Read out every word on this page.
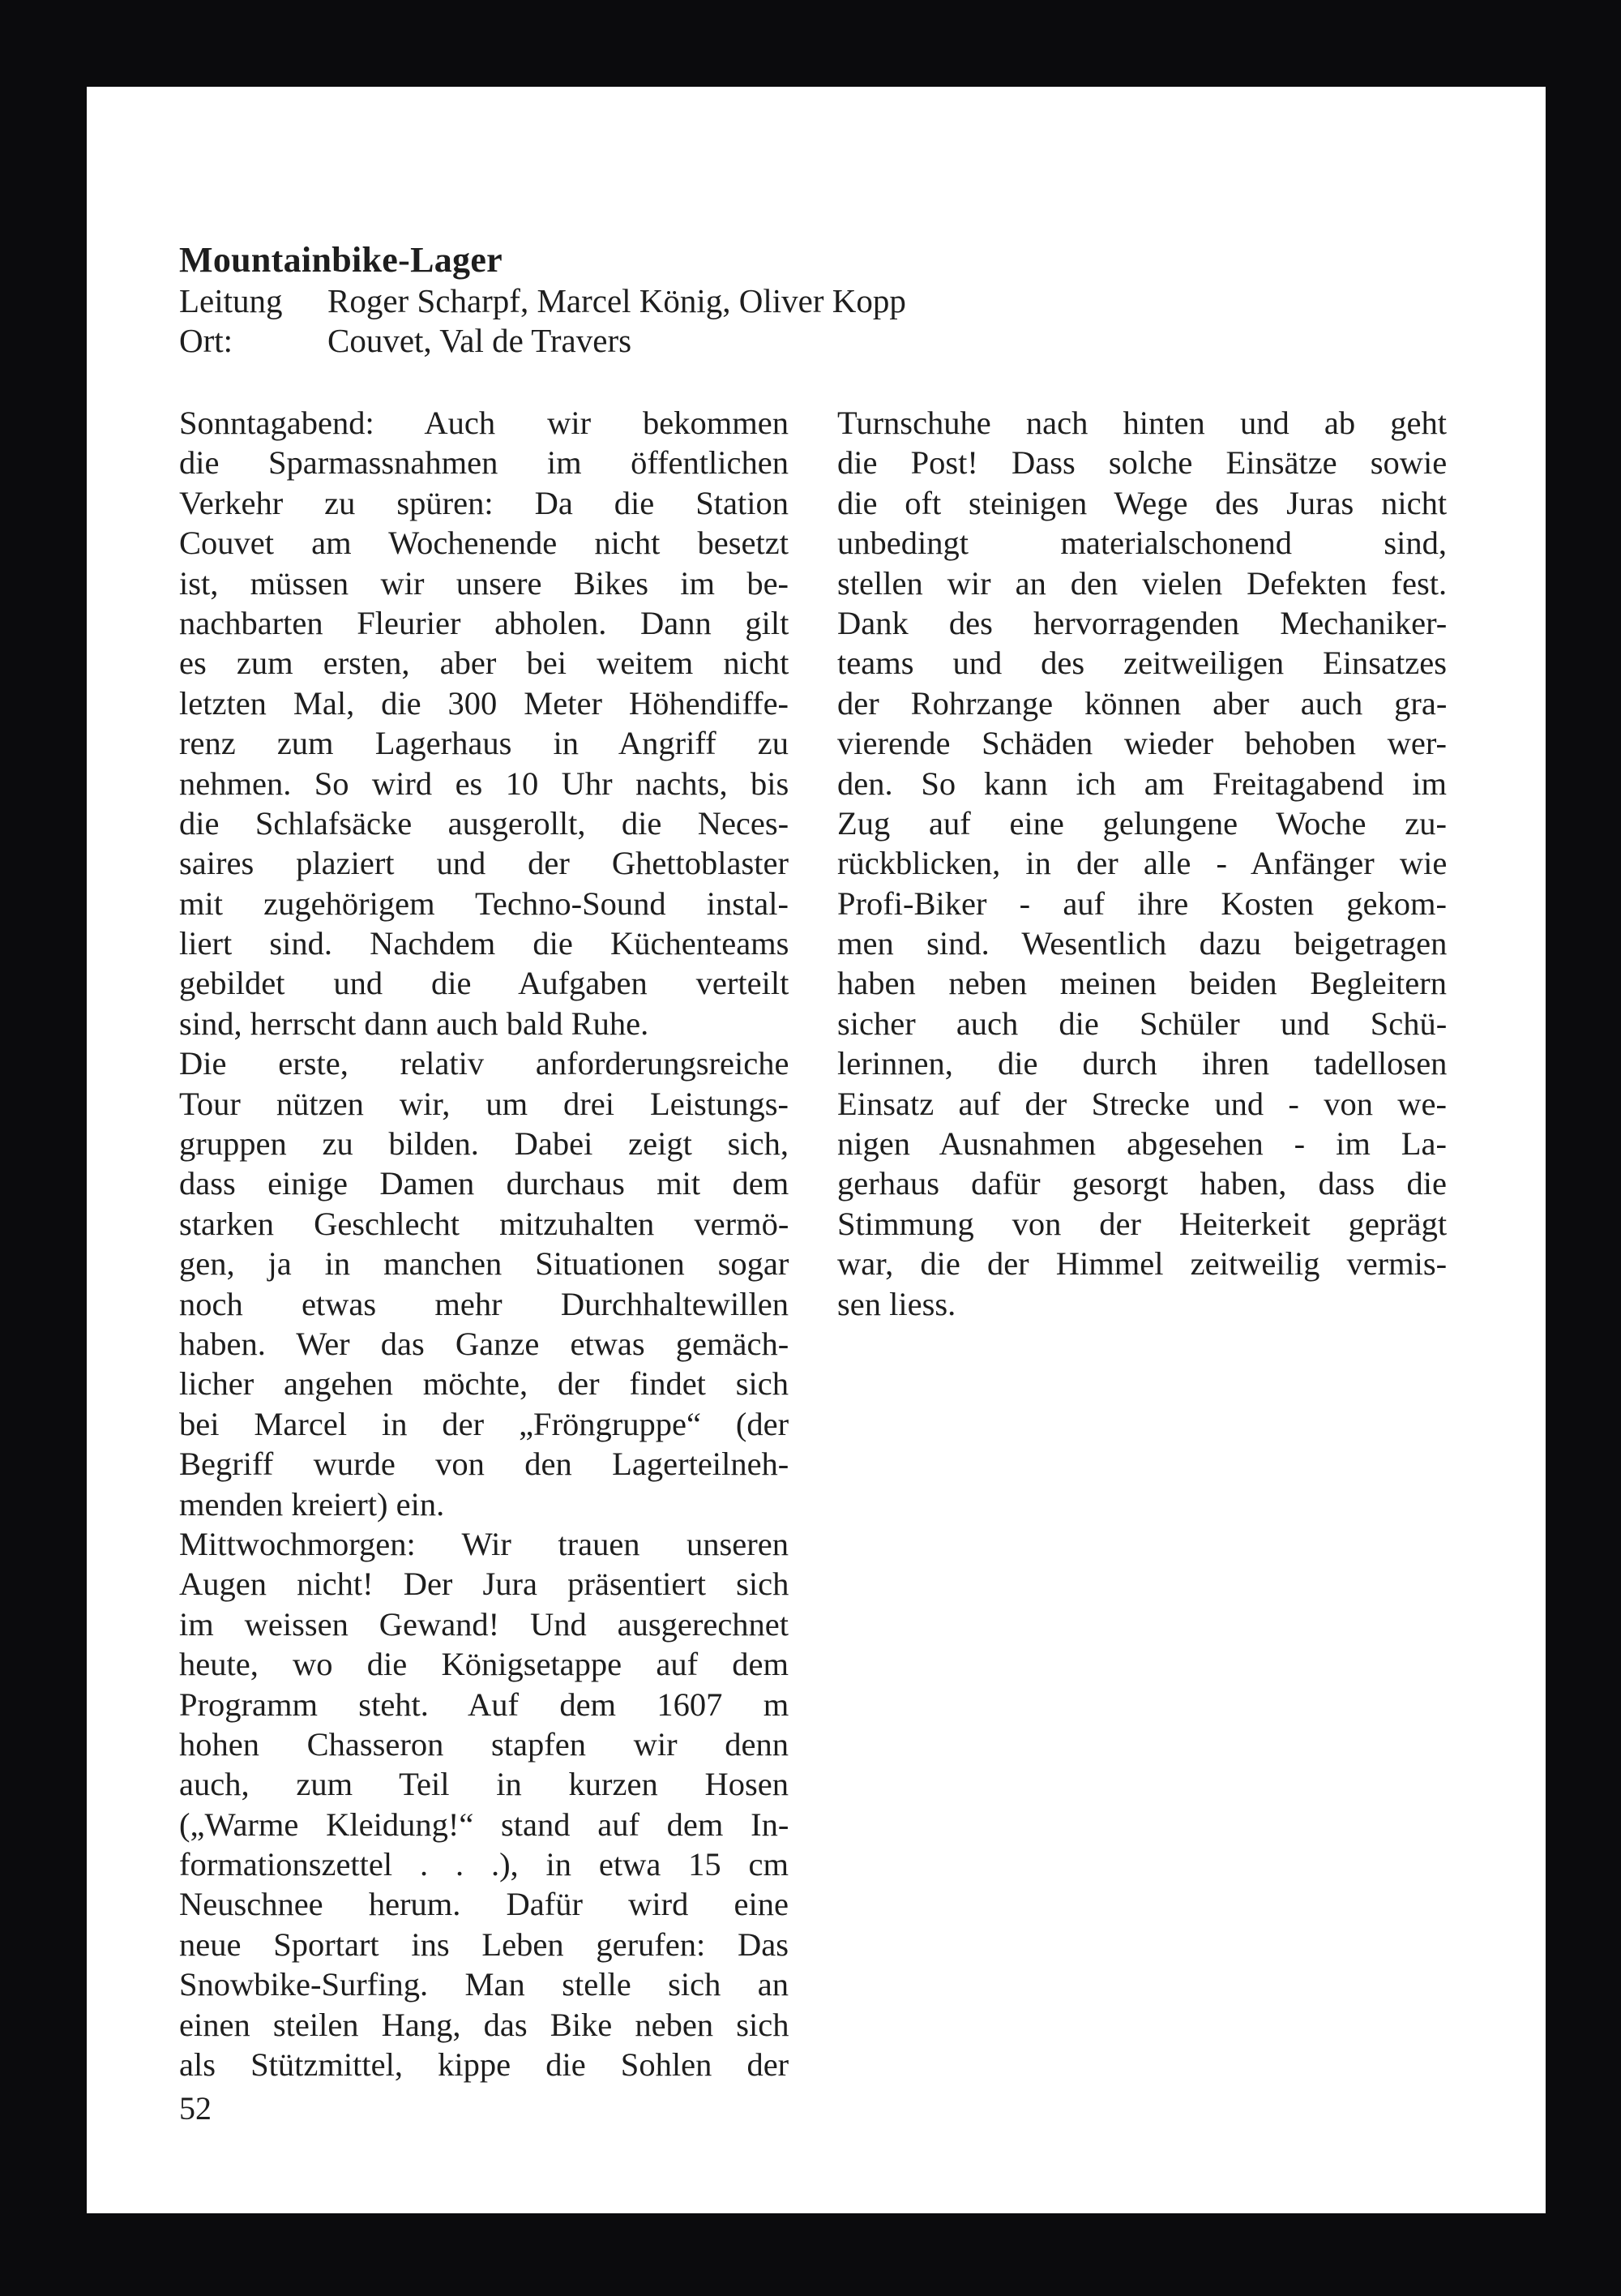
Mountainbike-Lager
Leitung	Roger Scharpf, Marcel König, Oliver Kopp
Ort:	Couvet, Val de Travers
Sonntagabend: Auch wir bekommen
die Sparmassnahmen im öffentlichen
Verkehr zu spüren: Da die Station
Couvet am Wochenende nicht besetzt
ist, müssen wir unsere Bikes im be-
nachbarten Fleurier abholen. Dann gilt
es zum ersten, aber bei weitem nicht
letzten Mal, die 300 Meter Höhendiffe-
renz zum Lagerhaus in Angriff zu
nehmen. So wird es 10 Uhr nachts, bis
die Schlafsäcke ausgerollt, die Neces-
saires plaziert und der Ghettoblaster
mit zugehörigem Techno-Sound instal-
liert sind. Nachdem die Küchenteams
gebildet und die Aufgaben verteilt
sind, herrscht dann auch bald Ruhe.
Die erste, relativ anforderungsreiche
Tour nützen wir, um drei Leistungs-
gruppen zu bilden. Dabei zeigt sich,
dass einige Damen durchaus mit dem
starken Geschlecht mitzuhalten vermö-
gen, ja in manchen Situationen sogar
noch etwas mehr Durchhaltewillen
haben. Wer das Ganze etwas gemäch-
licher angehen möchte, der findet sich
bei Marcel in der „Fröngruppe“ (der
Begriff wurde von den Lagerteilneh-
menden kreiert) ein.
Mittwochmorgen: Wir trauen unseren
Augen nicht! Der Jura präsentiert sich
im weissen Gewand! Und ausgerechnet
heute, wo die Königsetappe auf dem
Programm steht. Auf dem 1607 m
hohen Chasseron stapfen wir denn
auch, zum Teil in kurzen Hosen
(„Warme Kleidung!“ stand auf dem In-
formationszettel . . .), in etwa 15 cm
Neuschnee herum. Dafür wird eine
neue Sportart ins Leben gerufen: Das
Snowbike-Surfing. Man stelle sich an
einen steilen Hang, das Bike neben sich
als Stützmittel, kippe die Sohlen der
Turnschuhe nach hinten und ab geht
die Post! Dass solche Einsätze sowie
die oft steinigen Wege des Juras nicht
unbedingt materialschonend sind,
stellen wir an den vielen Defekten fest.
Dank des hervorragenden Mechaniker-
teams und des zeitweiligen Einsatzes
der Rohrzange können aber auch gra-
vierende Schäden wieder behoben wer-
den. So kann ich am Freitagabend im
Zug auf eine gelungene Woche zu-
rückblicken, in der alle - Anfänger wie
Profi-Biker - auf ihre Kosten gekom-
men sind. Wesentlich dazu beigetragen
haben neben meinen beiden Begleitern
sicher auch die Schüler und Schü-
lerinnen, die durch ihren tadellosen
Einsatz auf der Strecke und - von we-
nigen Ausnahmen abgesehen - im La-
gerhaus dafür gesorgt haben, dass die
Stimmung von der Heiterkeit geprägt
war, die der Himmel zeitweilig vermis-
sen liess.
52
